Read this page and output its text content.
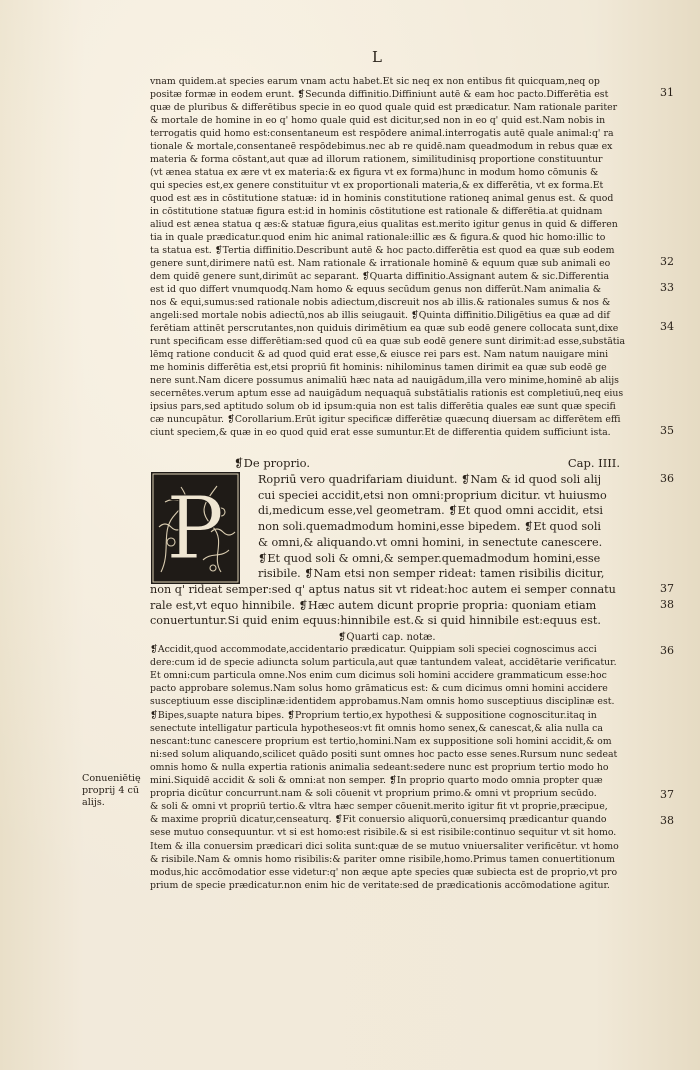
L
vnam quidem.at species earum vnam actu habet.Et sic neq ex non entibus fit quicquam,neq op
positæ formæ in eodem erunt. ❡Secunda diffinitio.Diffiniunt autē & eam hoc pacto.Differētia est
quæ de pluribus & differētibus specie in eo quod quale quid est prædicatur. Nam rationale pariter
& mortale de homine in eo q' homo quale quid est dicitur,sed non in eo q' quid est.Nam nobis in
terrogatis quid homo est:consentaneum est respōdere animal.interrogatis autē quale animal:q' ra
tionale & mortale,consentaneē respōdebimus.nec ab re quidē.nam queadmodum in rebus quæ ex
materia & forma cōstant,aut quæ ad illorum rationem, similitudinisq proportione constituuntur
(vt ænea statua ex ære vt ex materia:& ex figura vt ex forma)hunc in modum homo cōmunis &
qui species est,ex genere constituitur vt ex proportionali materia,& ex differētia, vt ex forma.Et
quod est æs in cōstitutione statuæ: id in hominis constitutione rationeq animal genus est. & quod
in cōstitutione statuæ figura est:id in hominis cōstitutione est rationale & differētia.at quidnam
aliud est ænea statua q æs:& statuæ figura,eius qualitas est.merito igitur genus in quid & differen
tia in quale prædicatur.quod enim hic animal rationale:illic æs & figura.& quod hic homo:illic to
ta statua est. ❡Tertia diffinitio.Describunt autē & hoc pacto.differētia est quod ea quæ sub eodem
genere sunt,dirimere natū est. Nam rationale & irrationale hominē & equum quæ sub animali eo
dem quidē genere sunt,dirimūt ac separant. ❡Quarta diffinitio.Assignant autem & sic.Differentia
est id quo differt vnumquodq.Nam homo & equus secūdum genus non differūt.Nam animalia &
nos & equi,sumus:sed rationale nobis adiectum,discreuit nos ab illis.& rationales sumus & nos &
angeli:sed mortale nobis adiectū,nos ab illis seiugauit. ❡Quinta diffinitio.Diligētius ea quæ ad dif
ferētiam attinēt perscrutantes,non quiduis dirimētium ea quæ sub eodē genere collocata sunt,dixe
runt specificam esse differētiam:sed quod cū ea quæ sub eodē genere sunt dirimit:ad esse,substātia
lēmq ratione conducit & ad quod quid erat esse,& eiusce rei pars est. Nam natum nauigare mini
me hominis differētia est,etsi propriū fit hominis: nihilominus tamen dirimit ea quæ sub eodē ge
nere sunt.Nam dicere possumus animaliū hæc nata ad nauigādum,illa vero minime,hominē ab alijs
secernētes.verum aptum esse ad nauigādum nequaquā substātialis rationis est completiuū,neq eius
ipsius pars,sed aptitudo solum ob id ipsum:quia non est talis differētia quales eæ sunt quæ specifi
cæ nuncupātur. ❡Corollarium.Erūt igitur specificæ differētiæ quæcunq diuersam ac differētem effi
ciunt speciem,& quæ in eo quod quid erat esse sumuntur.Et de differentia quidem sufficiunt ista.
❡De proprio.	Cap. IIII.
P	Ropriū vero quadrifariam diuidunt. ❡Nam & id quod soli alij
cui speciei accidit,etsi non omni:proprium dicitur. vt huiusmo
di,medicum esse,vel geometram. ❡Et quod omni accidit, etsi
non soli.quemadmodum homini,esse bipedem. ❡Et quod soli
& omni,& aliquando.vt omni homini, in senectute canescere.
❡Et quod soli & omni,& semper.quemadmodum homini,esse
risibile. ❡Nam etsi non semper rideat: tamen risibilis dicitur,
non q' rideat semper:sed q' aptus natus sit vt rideat:hoc autem ei semper connatu
rale est,vt equo hinnibile. ❡Hæc autem dicunt proprie propria: quoniam etiam
conuertuntur.Si quid enim equus:hinnibile est.& si quid hinnibile est:equus est.
❡Quarti cap. notæ.
❡Accidit,quod accommodate,accidentario prædicatur. Quippiam soli speciei cognoscimus acci
dere:cum id de specie adiuncta solum particula,aut quæ tantundem valeat, accidētarie verificatur.
Et omni:cum particula omne.Nos enim cum dicimus soli homini accidere grammaticum esse:hoc
pacto approbare solemus.Nam solus homo grāmaticus est: & cum dicimus omni homini accidere
susceptiuum esse disciplinæ:identidem approbamus.Nam omnis homo susceptiuus disciplinæ est.
❡Bipes,suapte natura bipes. ❡Proprium tertio,ex hypothesi & suppositione cognoscitur.itaq in
senectute intelligatur particula hypotheseos:vt fit omnis homo senex,& canescat,& alia nulla ca
nescant:tunc canescere proprium est tertio,homini.Nam ex suppositione soli homini accidit,& om
ni:sed solum aliquando,scilicet quādo positi sunt omnes hoc pacto esse senes.Rursum nunc sedeat
omnis homo & nulla expertia rationis animalia sedeant:sedere nunc est proprium tertio modo ho
mini.Siquidē accidit & soli & omni:at non semper. ❡In proprio quarto modo omnia propter quæ
propria dicūtur concurrunt.nam & soli cōuenit vt proprium primo.& omni vt proprium secūdo.
& soli & omni vt propriū tertio.& vltra hæc semper cōuenit.merito igitur fit vt proprie,præcipue,
& maxime propriū dicatur,censeaturq. ❡Fit conuersio aliquorū,conuersimq prædicantur quando
sese mutuo consequuntur. vt si est homo:est risibile.& si est risibile:continuo sequitur vt sit homo.
Item & illa conuersim prædicari dici solita sunt:quæ de se mutuo vniuersaliter verificētur. vt homo
& risibile.Nam & omnis homo risibilis:& pariter omne risibile,homo.Primus tamen conuertitionum
modus,hic accōmodatior esse videtur:q' non æque apte species quæ subiecta est de proprio,vt pro
prium de specie prædicatur.non enim hic de veritate:sed de prædicationis accōmodatione agitur.
Conueniētię
proprij 4 cū
alijs.
31
32
33
34
35
36
37
38
36
37
38
